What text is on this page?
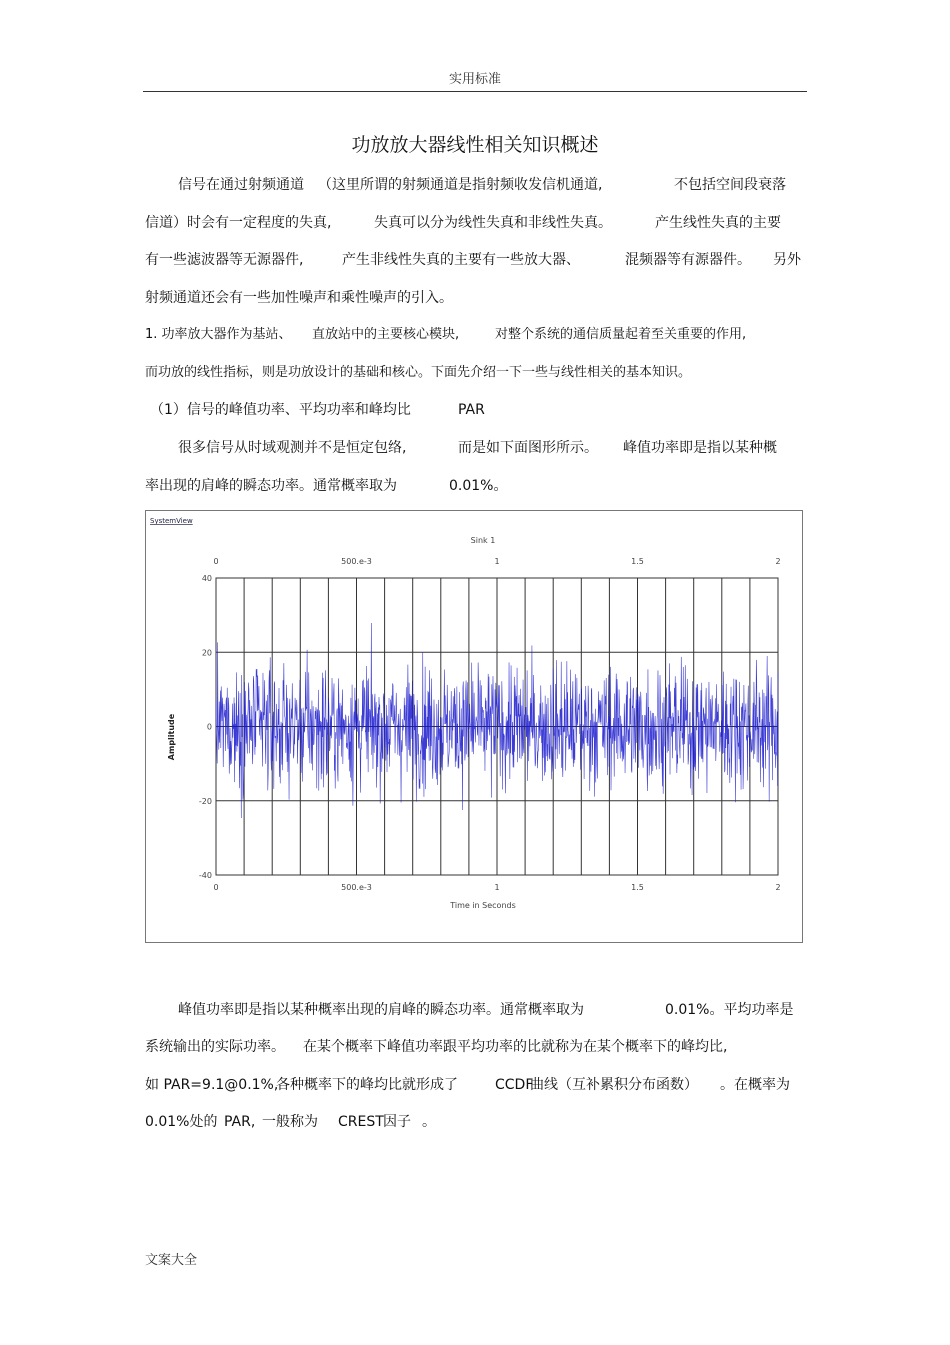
实用标准
功放放大器线性相关知识概述
信号在通过射频通道 （这里所谓的射频通道是指射频收发信机通道,	不包括空间段衰落
信道）时会有一定程度的失真,	失真可以分为线性失真和非线性失真。	产生线性失真的主要
有一些滤波器等无源器件,	产生非线性失真的主要有一些放大器、	混频器等有源器件。 另外
射频通道还会有一些加性噪声和乘性噪声的引入。
1. 功率放大器作为基站、 直放站中的主要核心模块,	对整个系统的通信质量起着至关重要的作用,
而功放的线性指标，则是功放设计的基础和核心。下面先介绍一下一些与线性相关的基本知识。
（1）信号的峰值功率、平均功率和峰均比	PAR
很多信号从时域观测并不是恒定包络,	而是如下面图形所示。 峰值功率即是指以某种概
率出现的肩峰的瞬态功率。通常概率取为	0.01%。
SystemView
Sink 1
Time in Seconds
Amplitude
0
0
500.e-3
500.e-3
1
1
1.5
1.5
2
2
40
20
0
-20
-40
峰值功率即是指以某种概率出现的肩峰的瞬态功率。通常概率取为	0.01%。平均功率是
系统输出的实际功率。 在某个概率下峰值功率跟平均功率的比就称为在某个概率下的峰均比,
如 PAR=9.1@0.1%,
各种概率下的峰均比就形成了	CCDF
曲线（互补累积分布函数） 。在概率为
0.01%处的 PAR, 一般称为 CREST 因子 。
文案大全
